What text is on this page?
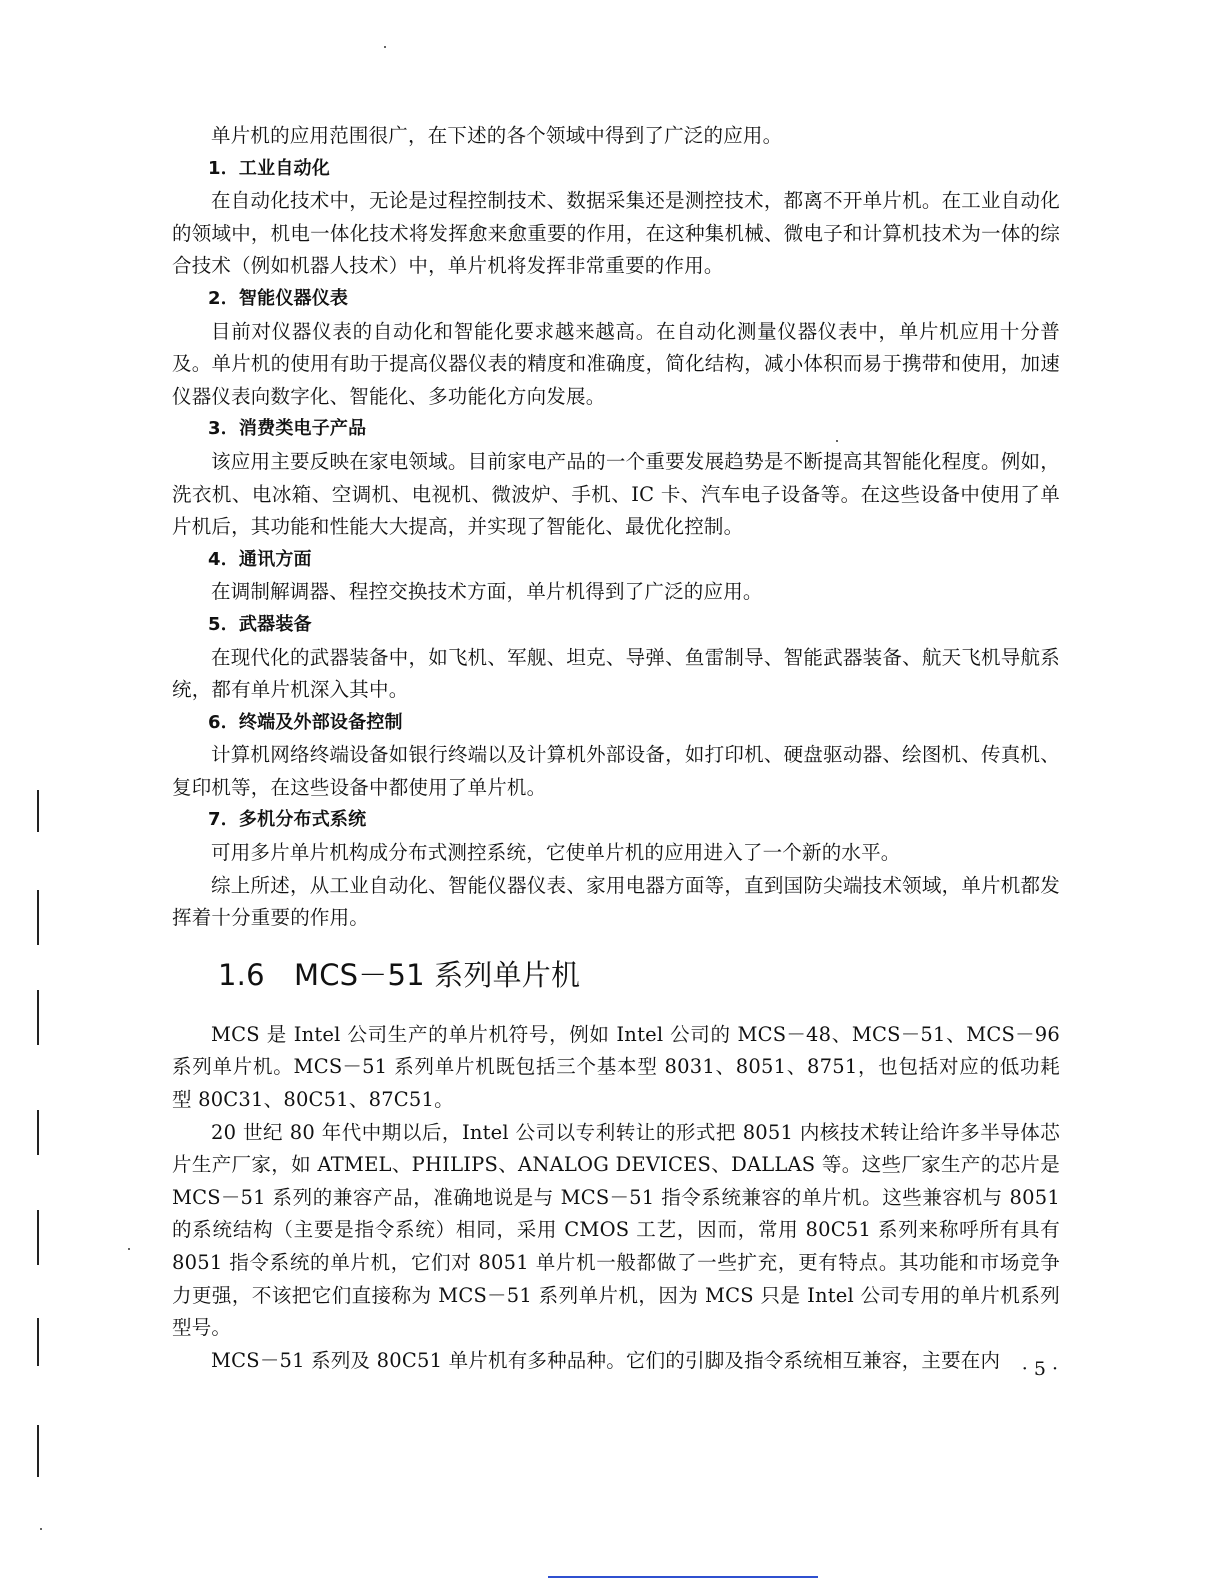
单片机的应用范围很广，在下述的各个领域中得到了广泛的应用。

1．工业自动化

在自动化技术中，无论是过程控制技术、数据采集还是测控技术，都离不开单片机。在工业自动化的领域中，机电一体化技术将发挥愈来愈重要的作用，在这种集机械、微电子和计算机技术为一体的综合技术（例如机器人技术）中，单片机将发挥非常重要的作用。

2．智能仪器仪表

目前对仪器仪表的自动化和智能化要求越来越高。在自动化测量仪器仪表中，单片机应用十分普及。单片机的使用有助于提高仪器仪表的精度和准确度，简化结构，减小体积而易于携带和使用，加速仪器仪表向数字化、智能化、多功能化方向发展。

3．消费类电子产品

该应用主要反映在家电领域。目前家电产品的一个重要发展趋势是不断提高其智能化程度。例如，洗衣机、电冰箱、空调机、电视机、微波炉、手机、IC 卡、汽车电子设备等。在这些设备中使用了单片机后，其功能和性能大大提高，并实现了智能化、最优化控制。

4．通讯方面

在调制解调器、程控交换技术方面，单片机得到了广泛的应用。

5．武器装备

在现代化的武器装备中，如飞机、军舰、坦克、导弹、鱼雷制导、智能武器装备、航天飞机导航系统，都有单片机深入其中。

6．终端及外部设备控制

计算机网络终端设备如银行终端以及计算机外部设备，如打印机、硬盘驱动器、绘图机、传真机、复印机等，在这些设备中都使用了单片机。

7．多机分布式系统

可用多片单片机构成分布式测控系统，它使单片机的应用进入了一个新的水平。

综上所述，从工业自动化、智能仪器仪表、家用电器方面等，直到国防尖端技术领域，单片机都发挥着十分重要的作用。

1.6 MCS－51 系列单片机

MCS 是 Intel 公司生产的单片机符号，例如 Intel 公司的 MCS－48、MCS－51、MCS－96 系列单片机。MCS－51 系列单片机既包括三个基本型 8031、8051、8751，也包括对应的低功耗型 80C31、80C51、87C51。

20 世纪 80 年代中期以后，Intel 公司以专利转让的形式把 8051 内核技术转让给许多半导体芯片生产厂家，如 ATMEL、PHILIPS、ANALOG DEVICES、DALLAS 等。这些厂家生产的芯片是 MCS－51 系列的兼容产品，准确地说是与 MCS－51 指令系统兼容的单片机。这些兼容机与 8051 的系统结构（主要是指令系统）相同，采用 CMOS 工艺，因而，常用 80C51 系列来称呼所有具有 8051 指令系统的单片机，它们对 8051 单片机一般都做了一些扩充，更有特点。其功能和市场竞争力更强，不该把它们直接称为 MCS－51 系列单片机，因为 MCS 只是 Intel 公司专用的单片机系列型号。

MCS－51 系列及 80C51 单片机有多种品种。它们的引脚及指令系统相互兼容，主要在内	· 5 ·
